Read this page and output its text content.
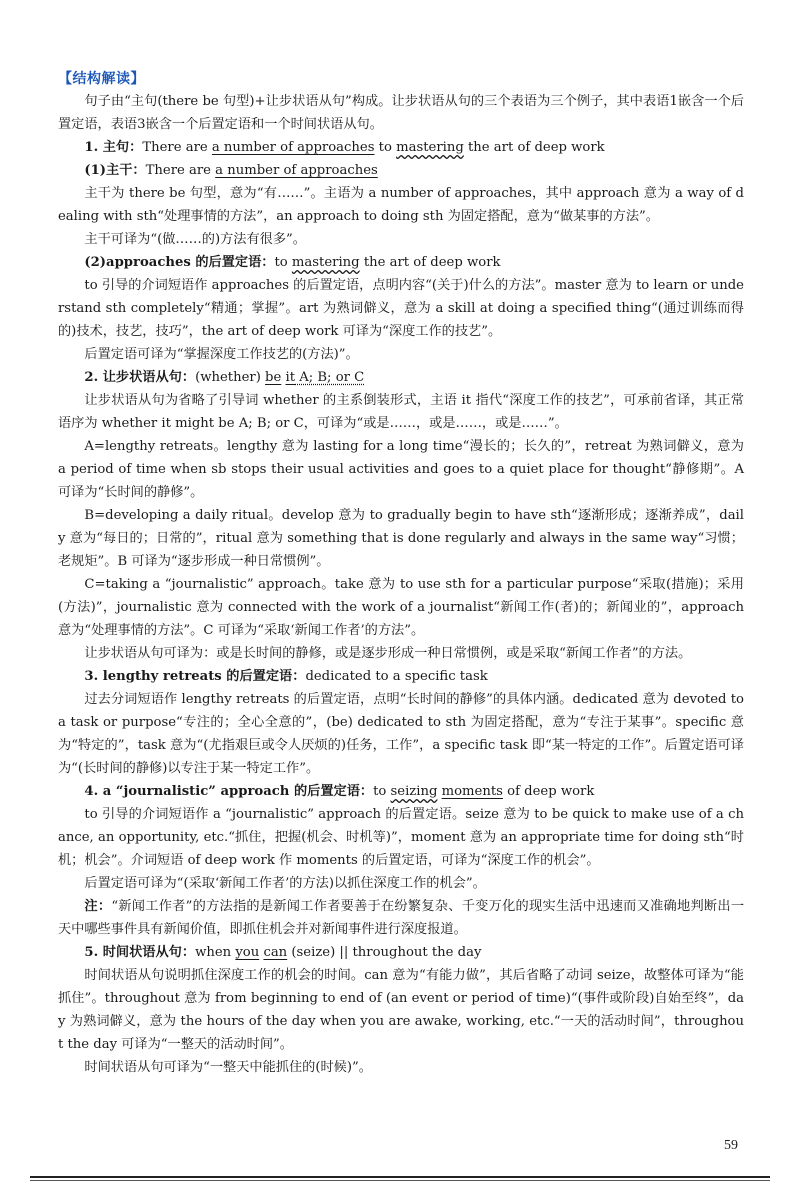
【结构解读】

句子由“主句(there be 句型)+让步状语从句”构成。让步状语从句的三个表语为三个例子，其中表语1嵌含一个后置定语，表语3嵌含一个后置定语和一个时间状语从句。

1. 主句：There are a number of approaches to mastering the art of deep work

(1)主干：There are a number of approaches

主干为 there be 句型，意为“有……”。主语为 a number of approaches，其中 approach 意为 a way of dealing with sth“处理事情的方法”，an approach to doing sth 为固定搭配，意为“做某事的方法”。

主干可译为“(做……的)方法有很多”。

(2)approaches 的后置定语：to mastering the art of deep work

to 引导的介词短语作 approaches 的后置定语，点明内容“(关于)什么的方法”。master 意为 to learn or understand sth completely“精通；掌握”。art 为熟词僻义，意为 a skill at doing a specified thing“(通过训练而得的)技术，技艺，技巧”，the art of deep work 可译为“深度工作的技艺”。

后置定语可译为“掌握深度工作技艺的(方法)”。

2. 让步状语从句：(whether) be it A; B; or C

让步状语从句为省略了引导词 whether 的主系倒装形式，主语 it 指代“深度工作的技艺”，可承前省译，其正常语序为 whether it might be A; B; or C，可译为“或是……，或是……，或是……”。

A=lengthy retreats。lengthy 意为 lasting for a long time“漫长的；长久的”，retreat 为熟词僻义，意为 a period of time when sb stops their usual activities and goes to a quiet place for thought“静修期”。A 可译为“长时间的静修”。

B=developing a daily ritual。develop 意为 to gradually begin to have sth“逐渐形成；逐渐养成”，daily 意为“每日的；日常的”，ritual 意为 something that is done regularly and always in the same way“习惯；老规矩”。B 可译为“逐步形成一种日常惯例”。

C=taking a “journalistic” approach。take 意为 to use sth for a particular purpose“采取(措施)；采用(方法)”，journalistic 意为 connected with the work of a journalist“新闻工作(者)的；新闻业的”，approach 意为“处理事情的方法”。C 可译为“采取‘新闻工作者’的方法”。

让步状语从句可译为：或是长时间的静修，或是逐步形成一种日常惯例，或是采取“新闻工作者”的方法。

3. lengthy retreats 的后置定语：dedicated to a specific task

过去分词短语作 lengthy retreats 的后置定语，点明“长时间的静修”的具体内涵。dedicated 意为 devoted to a task or purpose“专注的；全心全意的”，(be) dedicated to sth 为固定搭配，意为“专注于某事”。specific 意为“特定的”，task 意为“(尤指艰巨或令人厌烦的)任务，工作”，a specific task 即“某一特定的工作”。后置定语可译为“(长时间的静修)以专注于某一特定工作”。

4. a “journalistic” approach 的后置定语：to seizing moments of deep work

to 引导的介词短语作 a “journalistic” approach 的后置定语。seize 意为 to be quick to make use of a chance, an opportunity, etc.“抓住，把握(机会、时机等)”，moment 意为 an appropriate time for doing sth“时机；机会”。介词短语 of deep work 作 moments 的后置定语，可译为“深度工作的机会”。

后置定语可译为“(采取‘新闻工作者’的方法)以抓住深度工作的机会”。

注：“新闻工作者”的方法指的是新闻工作者要善于在纷繁复杂、千变万化的现实生活中迅速而又准确地判断出一天中哪些事件具有新闻价值，即抓住机会并对新闻事件进行深度报道。

5. 时间状语从句：when you can (seize) || throughout the day

时间状语从句说明抓住深度工作的机会的时间。can 意为“有能力做”，其后省略了动词 seize，故整体可译为“能抓住”。throughout 意为 from beginning to end of (an event or period of time)“(事件或阶段)自始至终”，day 为熟词僻义，意为 the hours of the day when you are awake, working, etc.“一天的活动时间”，throughout the day 可译为“一整天的活动时间”。

时间状语从句可译为“一整天中能抓住的(时候)”。

59
